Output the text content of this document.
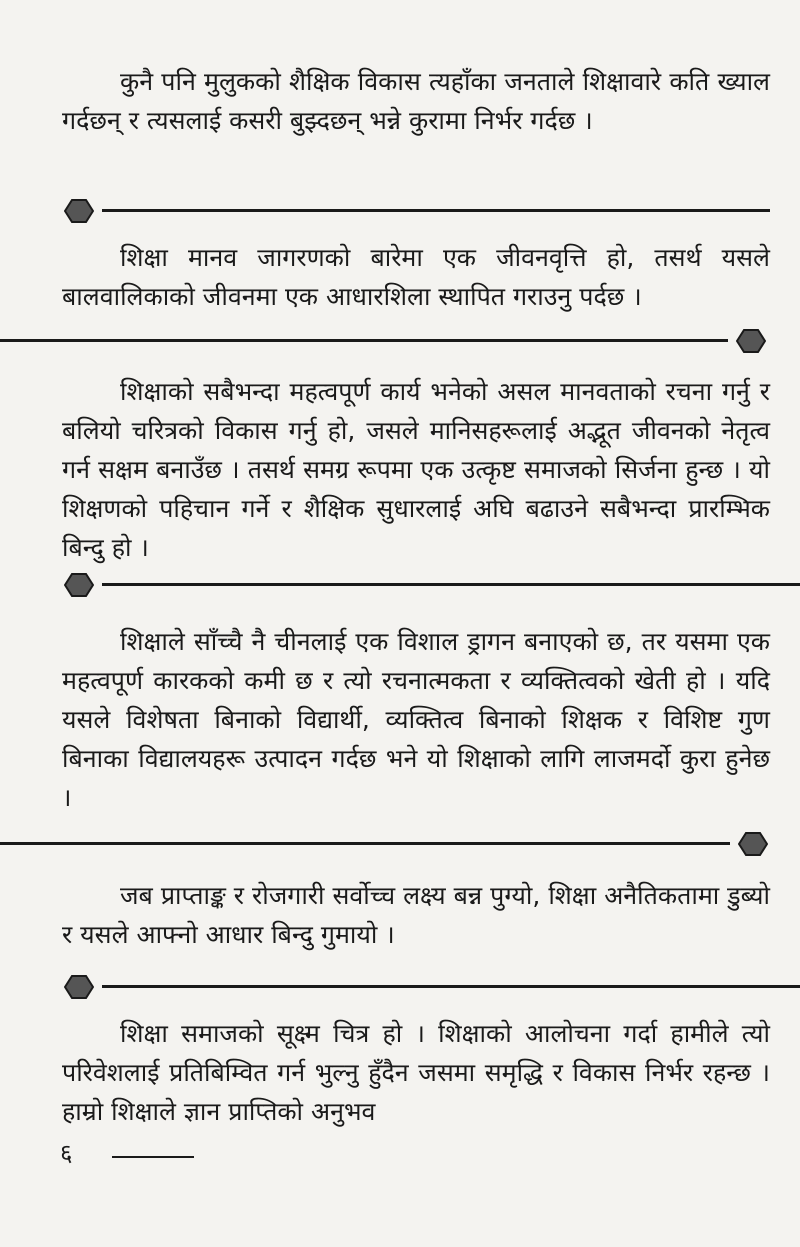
कुनै पनि मुलुकको शैक्षिक विकास त्यहाँका जनताले शिक्षावारे कति ख्याल गर्दछन् र त्यसलाई कसरी बुझ्दछन् भन्ने कुरामा निर्भर गर्दछ ।

शिक्षा मानव जागरणको बारेमा एक जीवनवृत्ति हो, तसर्थ यसले बालवालिकाको जीवनमा एक आधारशिला स्थापित गराउनु पर्दछ ।

शिक्षाको सबैभन्दा महत्वपूर्ण कार्य भनेको असल मानवताको रचना गर्नु र बलियो चरित्रको विकास गर्नु हो, जसले मानिसहरूलाई अद्भूत जीवनको नेतृत्व गर्न सक्षम बनाउँछ । तसर्थ समग्र रूपमा एक उत्कृष्ट समाजको सिर्जना हुन्छ । यो शिक्षणको पहिचान गर्ने र शैक्षिक सुधारलाई अघि बढाउने सबैभन्दा प्रारम्भिक बिन्दु हो ।

शिक्षाले साँच्चै नै चीनलाई एक विशाल ड्रागन बनाएको छ, तर यसमा एक महत्वपूर्ण कारकको कमी छ र त्यो रचनात्मकता र व्यक्तित्वको खेती हो । यदि यसले विशेषता बिनाको विद्यार्थी, व्यक्तित्व बिनाको शिक्षक र विशिष्ट गुण बिनाका विद्यालयहरू उत्पादन गर्दछ भने यो शिक्षाको लागि लाजमर्दो कुरा हुनेछ ।

जब प्राप्ताङ्क र रोजगारी सर्वोच्च लक्ष्य बन्न पुग्यो, शिक्षा अनैतिकतामा डुब्यो र यसले आफ्नो आधार बिन्दु गुमायो ।

शिक्षा समाजको सूक्ष्म चित्र हो । शिक्षाको आलोचना गर्दा हामीले त्यो परिवेशलाई प्रतिबिम्वित गर्न भुल्नु हुँदैन जसमा समृद्धि र विकास निर्भर रहन्छ । हाम्रो शिक्षाले ज्ञान प्राप्तिको अनुभव

६
